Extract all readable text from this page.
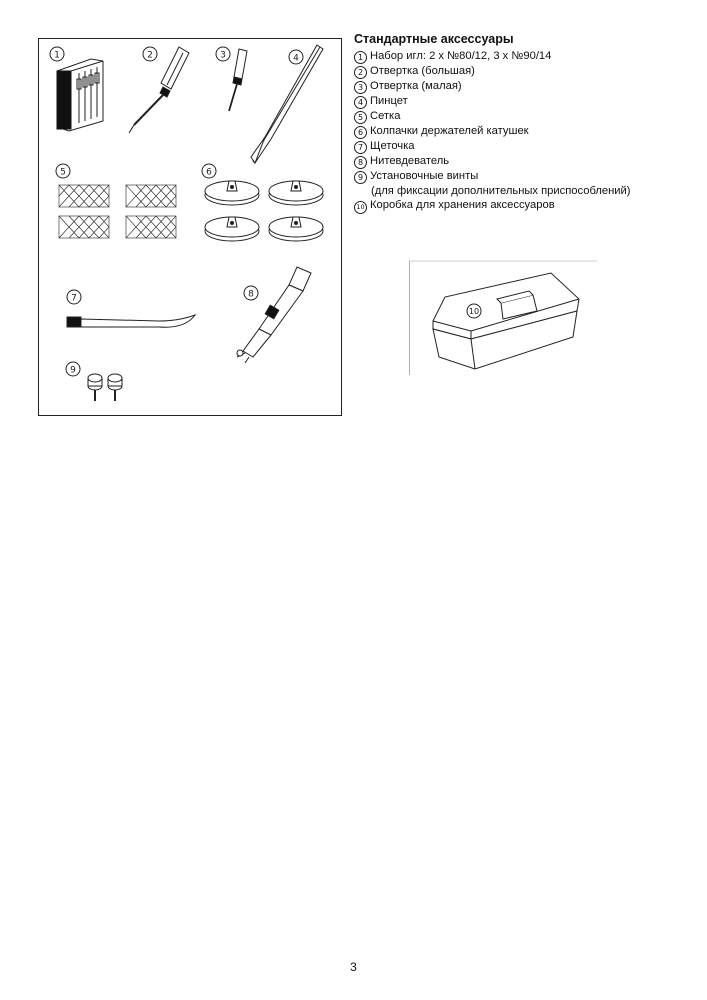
1	2	3	4
5	6
7	8
9
Стандартные аксессуары
1 Набор игл: 2 х №80/12, 3 х №90/14
2 Отвертка (большая)
3 Отвертка (малая)
4 Пинцет
5 Сетка
6 Колпачки держателей катушек
7 Щеточка
8 Нитевдеватель
9 Установочные винты
(для фиксации дополнительных приспособлений)
10 Коробка для хранения аксессуаров
10
3
